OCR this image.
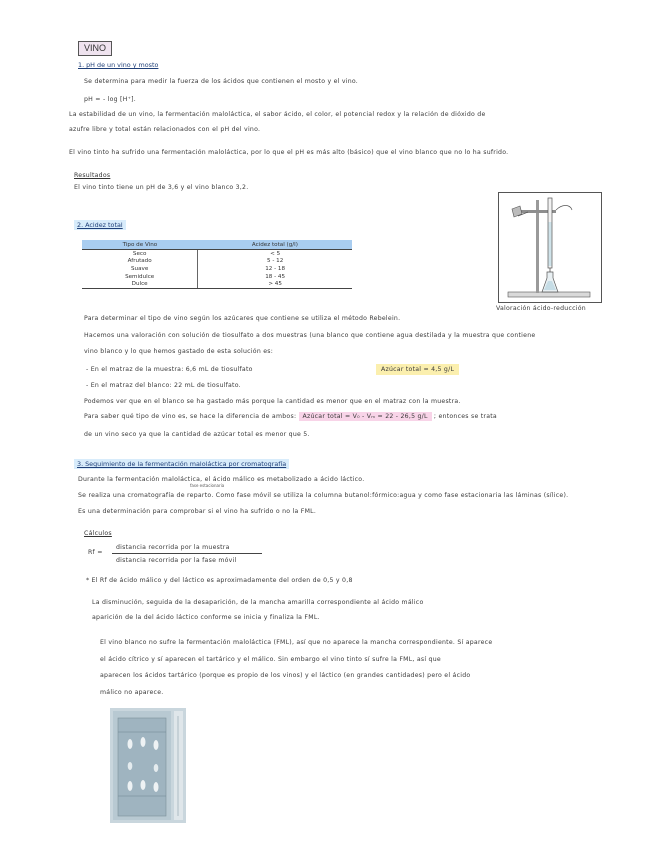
VINO
1. pH de un vino y mosto
Se determina para medir la fuerza de los ácidos que contienen el mosto y el vino.
pH = - log [H⁺].
La estabilidad de un vino, la fermentación maloláctica, el sabor ácido, el color, el potencial redox y la relación de dióxido de
azufre libre y total están relacionados con el pH del vino.
El vino tinto ha sufrido una fermentación maloláctica, por lo que el pH es más alto (básico) que el vino blanco que no lo ha sufrido.
Resultados
El vino tinto tiene un pH de 3,6 y el vino blanco 3,2.
2. Acidez total
Tipo de Vino	Acidez total (g/l)
Seco	< 5
Afrutado	5 - 12
Suave	12 - 18
Semidulce	18 - 45
Dulce	> 45
Valoración ácido-reducción
Para determinar el tipo de vino según los azúcares que contiene se utiliza el método Rebelein.
Hacemos una valoración con solución de tiosulfato a dos muestras (una blanco que contiene agua destilada y la muestra que contiene
vino blanco y lo que hemos gastado de esta solución es:
- En el matraz de la muestra: 6,6 mL de tiosulfato
- En el matraz del blanco: 22 mL de tiosulfato.
Azúcar total = 4,5 g/L
Podemos ver que en el blanco se ha gastado más porque la cantidad es menor que en el matraz con la muestra.
Para saber qué tipo de vino es, se hace la diferencia de ambos: Azúcar total = V₀ - Vₘ = 22 - 26,5 g/L ; entonces se trata
de un vino seco ya que la cantidad de azúcar total es menor que 5.
3. Seguimiento de la fermentación maloláctica por cromatografía
Durante la fermentación maloláctica, el ácido málico es metabolizado a ácido láctico.
fase estacionaria
Se realiza una cromatografía de reparto. Como fase móvil se utiliza la columna butanol:fórmico:agua y como fase estacionaria las láminas (sílice).
Es una determinación para comprobar si el vino ha sufrido o no la FML.
Cálculos
Rf =
distancia recorrida por la muestra
distancia recorrida por la fase móvil
* El Rf de ácido málico y del láctico es aproximadamente del orden de 0,5 y 0,8
La disminución, seguida de la desaparición, de la mancha amarilla correspondiente al ácido málico
aparición de la del ácido láctico conforme se inicia y finaliza la FML.
El vino blanco no sufre la fermentación maloláctica (FML), así que no aparece la mancha correspondiente. Sí aparece
el ácido cítrico y sí aparecen el tartárico y el málico. Sin embargo el vino tinto sí sufre la FML, así que
aparecen los ácidos tartárico (porque es propio de los vinos) y el láctico (en grandes cantidades) pero el ácido
málico no aparece.
